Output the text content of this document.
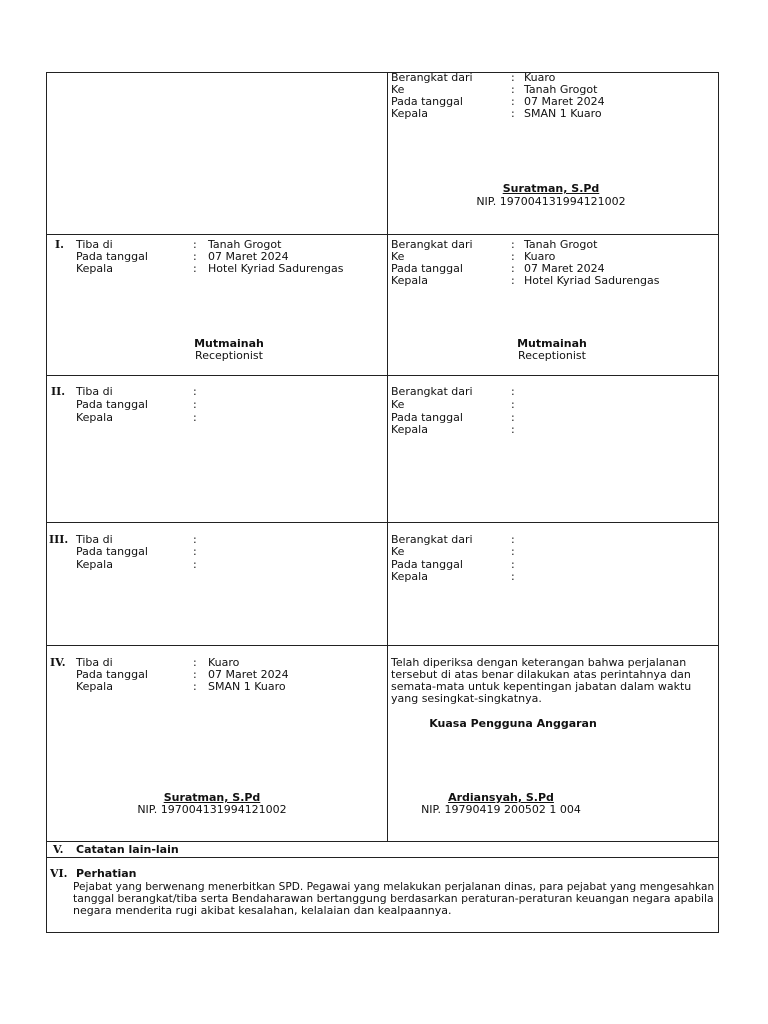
Berangkat dari	: Kuaro
Ke	: Tanah Grogot
Pada tanggal	: 07 Maret 2024
Kepala	: SMAN 1 Kuaro
Suratman, S.Pd
NIP. 197004131994121002
I. Tiba di	: Tanah Grogot
Pada tanggal	: 07 Maret 2024
Kepala	: Hotel Kyriad Sadurengas
Mutmainah
Receptionist
Berangkat dari	: Tanah Grogot
Ke	: Kuaro
Pada tanggal	: 07 Maret 2024
Kepala	: Hotel Kyriad Sadurengas
Mutmainah
Receptionist
II. Tiba di	:
Pada tanggal	:
Kepala	:
Berangkat dari	:
Ke	:
Pada tanggal	:
Kepala	:
III. Tiba di	:
Pada tanggal	:
Kepala	:
Berangkat dari	:
Ke	:
Pada tanggal	:
Kepala	:
IV. Tiba di	: Kuaro
Pada tanggal	: 07 Maret 2024
Kepala	: SMAN 1 Kuaro
Suratman, S.Pd
NIP. 197004131994121002
Telah diperiksa dengan keterangan bahwa perjalanan
tersebut di atas benar dilakukan atas perintahnya dan
semata-mata untuk kepentingan jabatan dalam waktu
yang sesingkat-singkatnya.
Kuasa Pengguna Anggaran
Ardiansyah, S.Pd
NIP. 19790419 200502 1 004
V. Catatan lain-lain
VI. Perhatian
Pejabat yang berwenang menerbitkan SPD. Pegawai yang melakukan perjalanan dinas, para pejabat yang mengesahkan
tanggal berangkat/tiba serta Bendaharawan bertanggung berdasarkan peraturan-peraturan keuangan negara apabila
negara menderita rugi akibat kesalahan, kelalaian dan kealpaannya.
